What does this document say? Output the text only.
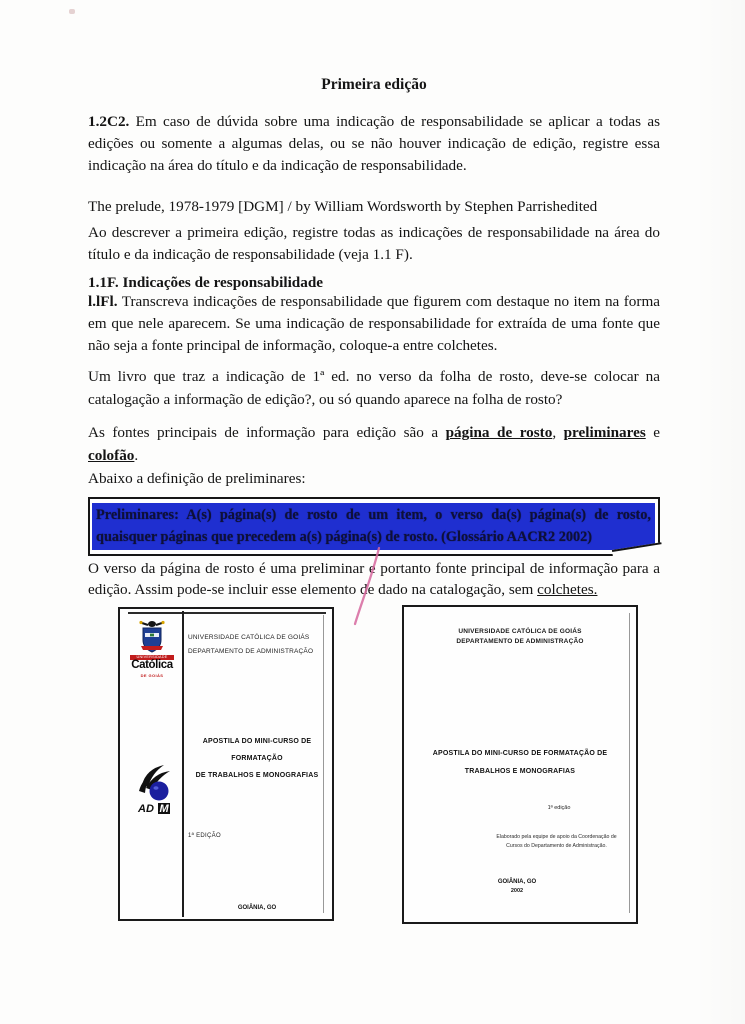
Primeira edição
1.2C2. Em caso de dúvida sobre uma indicação de responsabilidade se aplicar a todas as edições ou somente a algumas delas, ou se não houver indicação de edição, registre essa indicação na área do título e da indicação de responsabilidade.
The prelude, 1978-1979 [DGM] / by William Wordsworth by Stephen Parrishedited
Ao descrever a primeira edição, registre todas as indicações de responsabilidade na área do título e da indicação de responsabilidade (veja 1.1 F).
1.1F. Indicações de responsabilidade
l.lFl. Transcreva indicações de responsabilidade que figurem com destaque no item na forma em que nele aparecem. Se uma indicação de responsabilidade for extraída de uma fonte que não seja a fonte principal de informação, coloque-a entre colchetes.
Um livro que traz a indicação de 1ª ed. no verso da folha de rosto, deve-se colocar na catalogação a informação de edição?, ou só quando aparece na folha de rosto?
As fontes principais de informação para edição são a página de rosto, preliminares e colofão.
Abaixo a definição de preliminares:
Preliminares: A(s) página(s) de rosto de um item, o verso da(s) página(s) de rosto, quaisquer páginas que precedem a(s) página(s) de rosto. (Glossário AACR2 2002)
O verso da página de rosto é uma preliminar e portanto fonte principal de informação para a edição. Assim pode-se incluir esse elemento de dado na catalogação, sem colchetes.
UNIVERSIDADE
Católica
DE GOIÁS
UNIVERSIDADE CATÓLICA DE GOIÁS
DEPARTAMENTO DE ADMINISTRAÇÃO
APOSTILA DO MINI-CURSO DE FORMATAÇÃO
DE TRABALHOS E MONOGRAFIAS
AD M
1ª EDIÇÃO
GOIÂNIA, GO
UNIVERSIDADE CATÓLICA DE GOIÁS
DEPARTAMENTO DE ADMINISTRAÇÃO
APOSTILA DO MINI-CURSO DE FORMATAÇÃO DE
TRABALHOS E MONOGRAFIAS
1ª edição
Elaborado pela equipe de apoio da Coordenação de
Cursos do Departamento de Administração.
GOIÂNIA, GO
2002
